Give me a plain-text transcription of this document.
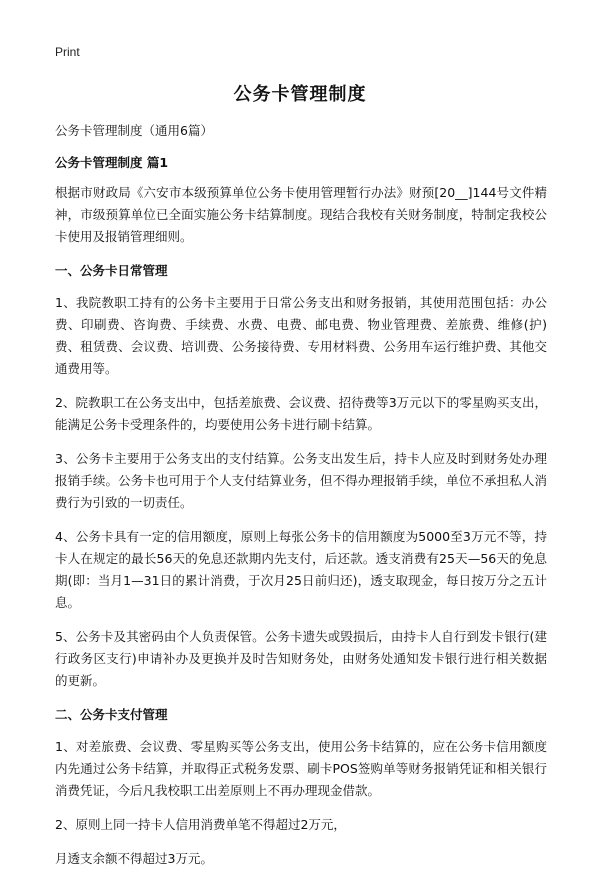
Print
公务卡管理制度

公务卡管理制度（通用6篇）

公务卡管理制度 篇1

根据市财政局《六安市本级预算单位公务卡使用管理暂行办法》财预[20__]144号文件精神，市级预算单位已全面实施公务卡结算制度。现结合我校有关财务制度，特制定我校公卡使用及报销管理细则。

一、公务卡日常管理

1、我院教职工持有的公务卡主要用于日常公务支出和财务报销，其使用范围包括：办公费、印刷费、咨询费、手续费、水费、电费、邮电费、物业管理费、差旅费、维修(护)费、租赁费、会议费、培训费、公务接待费、专用材料费、公务用车运行维护费、其他交通费用等。

2、院教职工在公务支出中，包括差旅费、会议费、招待费等3万元以下的零星购买支出，能满足公务卡受理条件的，均要使用公务卡进行刷卡结算。

3、公务卡主要用于公务支出的支付结算。公务支出发生后，持卡人应及时到财务处办理报销手续。公务卡也可用于个人支付结算业务，但不得办理报销手续，单位不承担私人消费行为引致的一切责任。

4、公务卡具有一定的信用额度，原则上每张公务卡的信用额度为5000至3万元不等，持卡人在规定的最长56天的免息还款期内先支付，后还款。透支消费有25天—56天的免息期(即：当月1—31日的累计消费，于次月25日前归还)，透支取现金，每日按万分之五计息。

5、公务卡及其密码由个人负责保管。公务卡遗失或毁损后，由持卡人自行到发卡银行(建行政务区支行)申请补办及更换并及时告知财务处，由财务处通知发卡银行进行相关数据的更新。

二、公务卡支付管理

1、对差旅费、会议费、零星购买等公务支出，使用公务卡结算的，应在公务卡信用额度内先通过公务卡结算，并取得正式税务发票、刷卡POS签购单等财务报销凭证和相关银行消费凭证，今后凡我校职工出差原则上不再办理现金借款。

2、原则上同一持卡人信用消费单笔不得超过2万元，

月透支余额不得超过3万元。
